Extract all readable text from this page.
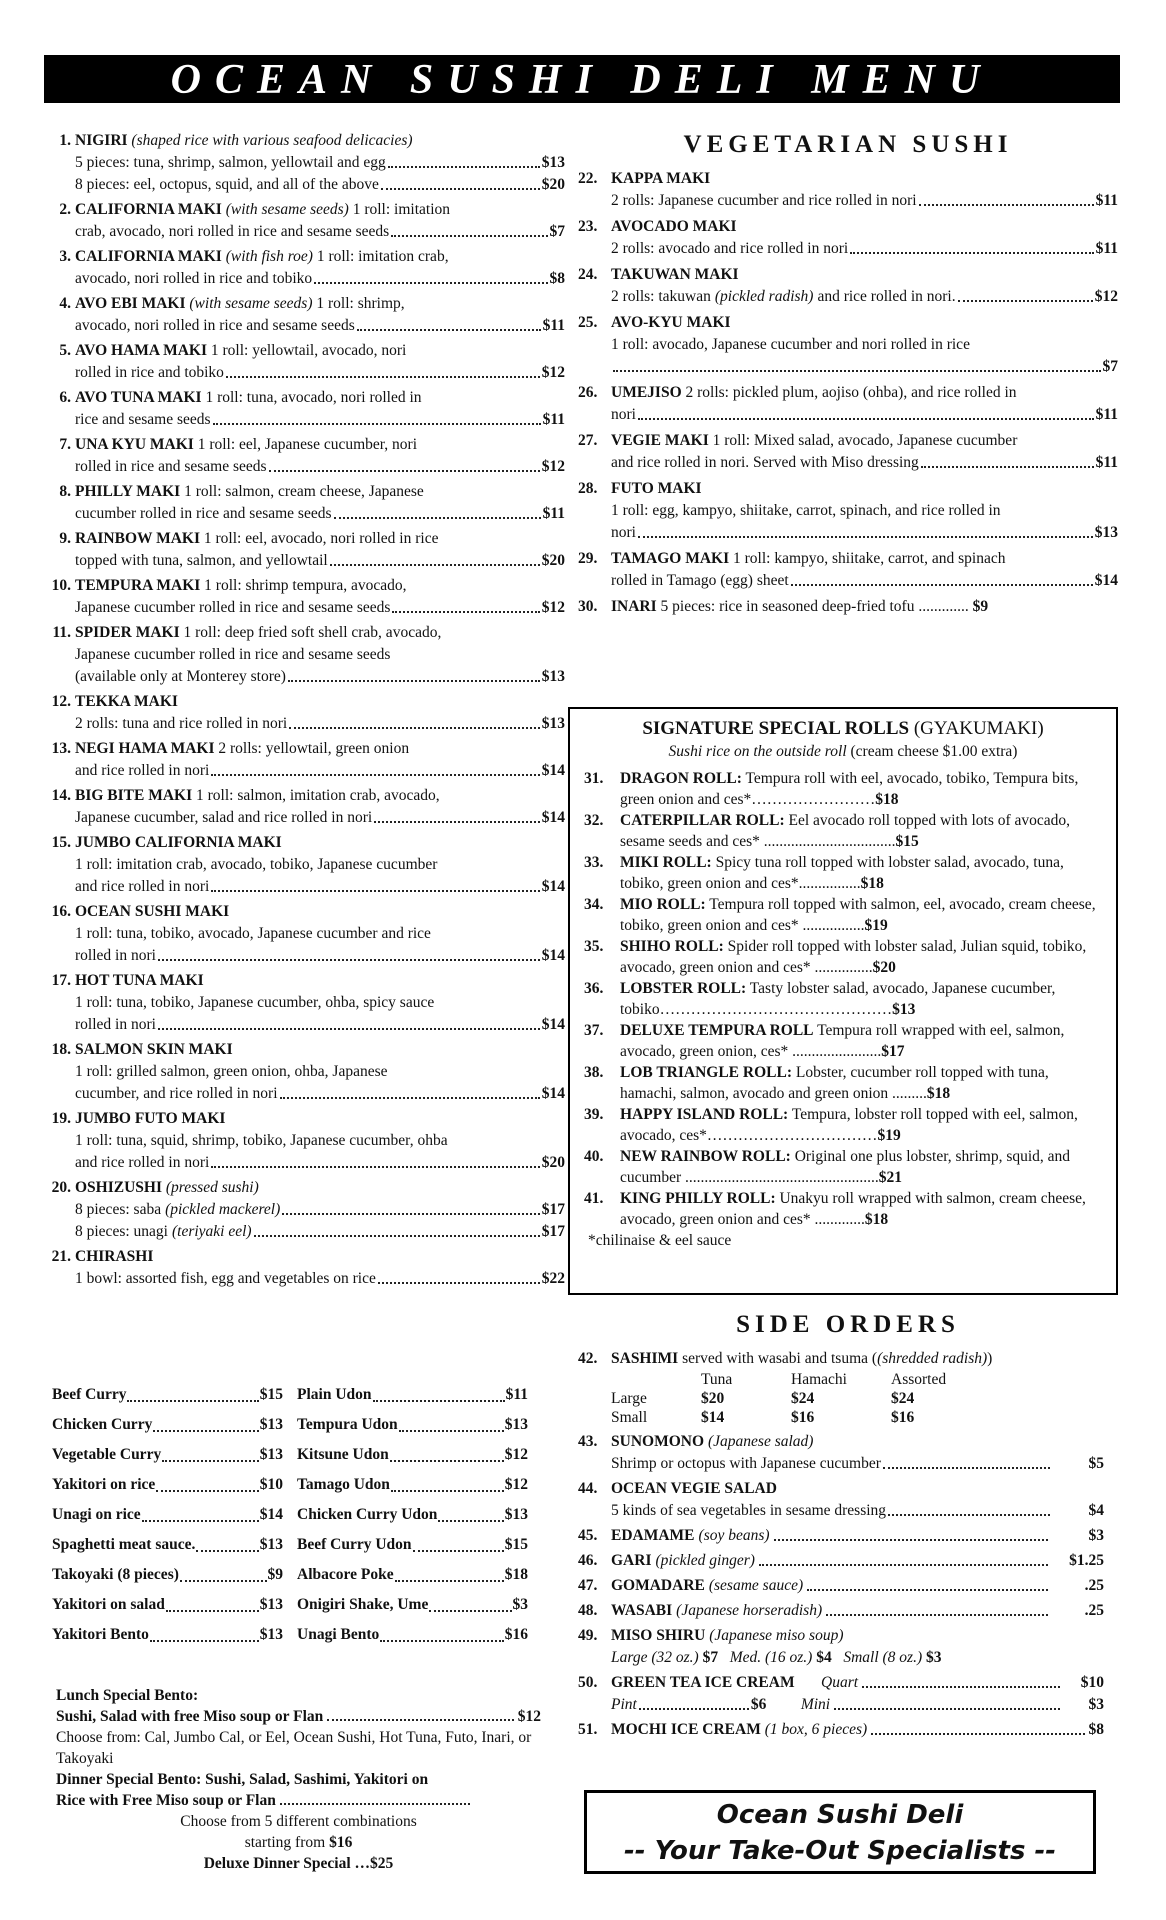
OCEAN SUSHI DELI MENU
1. NIGIRI (shaped rice with various seafood delicacies)
5 pieces: tuna, shrimp, salmon, yellowtail and egg	$13
8 pieces: eel, octopus, squid, and all of the above	$20
2. CALIFORNIA MAKI (with sesame seeds) 1 roll: imitation
crab, avocado, nori rolled in rice and sesame seeds	$7
3. CALIFORNIA MAKI (with fish roe) 1 roll: imitation crab,
avocado, nori rolled in rice and tobiko	$8
4. AVO EBI MAKI (with sesame seeds) 1 roll: shrimp,
avocado, nori rolled in rice and sesame seeds	$11
5. AVO HAMA MAKI 1 roll: yellowtail, avocado, nori
rolled in rice and tobiko	$12
6. AVO TUNA MAKI 1 roll: tuna, avocado, nori rolled in
rice and sesame seeds	$11
7. UNA KYU MAKI 1 roll: eel, Japanese cucumber, nori
rolled in rice and sesame seeds	$12
8. PHILLY MAKI 1 roll: salmon, cream cheese, Japanese
cucumber rolled in rice and sesame seeds	$11
9. RAINBOW MAKI 1 roll: eel, avocado, nori rolled in rice
topped with tuna, salmon, and yellowtail	$20
10. TEMPURA MAKI 1 roll: shrimp tempura, avocado,
Japanese cucumber rolled in rice and sesame seeds	$12
11. SPIDER MAKI 1 roll: deep fried soft shell crab, avocado,
Japanese cucumber rolled in rice and sesame seeds
(available only at Monterey store)	$13
12. TEKKA MAKI
2 rolls: tuna and rice rolled in nori	$13
13. NEGI HAMA MAKI 2 rolls: yellowtail, green onion
and rice rolled in nori	$14
14. BIG BITE MAKI 1 roll: salmon, imitation crab, avocado,
Japanese cucumber, salad and rice rolled in nori	$14
15. JUMBO CALIFORNIA MAKI
1 roll: imitation crab, avocado, tobiko, Japanese cucumber
and rice rolled in nori	$14
16. OCEAN SUSHI MAKI
1 roll: tuna, tobiko, avocado, Japanese cucumber and rice
rolled in nori	$14
17. HOT TUNA MAKI
1 roll: tuna, tobiko, Japanese cucumber, ohba, spicy sauce
rolled in nori	$14
18. SALMON SKIN MAKI
1 roll: grilled salmon, green onion, ohba, Japanese
cucumber, and rice rolled in nori	$14
19. JUMBO FUTO MAKI
1 roll: tuna, squid, shrimp, tobiko, Japanese cucumber, ohba
and rice rolled in nori	$20
20. OSHIZUSHI (pressed sushi)
8 pieces: saba (pickled mackerel)	$17
8 pieces: unagi (teriyaki eel)	$17
21. CHIRASHI
1 bowl: assorted fish, egg and vegetables on rice	$22
Beef Curry $15	Plain Udon $11

Chicken Curry $13	Tempura Udon $13

Vegetable Curry $13	Kitsune Udon $12

Yakitori on rice $10	Tamago Udon $12

Unagi on rice $14	Chicken Curry Udon $13

Spaghetti meat sauce. $13	Beef Curry Udon $15

Takoyaki (8 pieces) $9	Albacore Poke $18

Yakitori on salad $13	Onigiri Shake, Ume $3

Yakitori Bento $13	Unagi Bento $16
Lunch Special Bento:
Sushi, Salad with free Miso soup or Flan	$12
Choose from: Cal, Jumbo Cal, or Eel, Ocean Sushi, Hot Tuna, Futo, Inari, or Takoyaki
Dinner Special Bento: Sushi, Salad, Sashimi, Yakitori on
Rice with Free Miso soup or Flan
Choose from 5 different combinations
starting from $16
Deluxe Dinner Special …$25
VEGETARIAN SUSHI
22. KAPPA MAKI
2 rolls: Japanese cucumber and rice rolled in nori	$11
23. AVOCADO MAKI
2 rolls: avocado and rice rolled in nori	$11
24. TAKUWAN MAKI
2 rolls: takuwan (pickled radish) and rice rolled in nori.	$12
25. AVO-KYU MAKI
1 roll: avocado, Japanese cucumber and nori rolled in rice
$7
26. UMEJISO 2 rolls: pickled plum, aojiso (ohba), and rice rolled in
nori	$11
27. VEGIE MAKI 1 roll: Mixed salad, avocado, Japanese cucumber
and rice rolled in nori. Served with Miso dressing	$11
28. FUTO MAKI
1 roll: egg, kampyo, shiitake, carrot, spinach, and rice rolled in
nori	$13
29. TAMAGO MAKI 1 roll: kampyo, shiitake, carrot, and spinach
rolled in Tamago (egg) sheet	$14
30. INARI 5 pieces: rice in seasoned deep-fried tofu ............. $9
SIGNATURE SPECIAL ROLLS (GYAKUMAKI)
Sushi rice on the outside roll (cream cheese $1.00 extra)
31.	DRAGON ROLL: Tempura roll with eel, avocado, tobiko, Tempura bits, green onion and ces*……………………$18
32.	CATERPILLAR ROLL: Eel avocado roll topped with lots of avocado, sesame seeds and ces* ..................................$15
33.	MIKI ROLL: Spicy tuna roll topped with lobster salad, avocado, tuna, tobiko, green onion and ces*................$18
34.	MIO ROLL: Tempura roll topped with salmon, eel, avocado, cream cheese, tobiko, green onion and ces* ................$19
35.	SHIHO ROLL: Spider roll topped with lobster salad, Julian squid, tobiko, avocado, green onion and ces* ...............$20
36.	LOBSTER ROLL: Tasty lobster salad, avocado, Japanese cucumber, tobiko………………………………………$13
37.	DELUXE TEMPURA ROLL Tempura roll wrapped with eel, salmon, avocado, green onion, ces* .......................$17
38.	LOB TRIANGLE ROLL: Lobster, cucumber roll topped with tuna, hamachi, salmon, avocado and green onion .........$18
39.	HAPPY ISLAND ROLL: Tempura, lobster roll topped with eel, salmon, avocado, ces*……………………………$19
40.	NEW RAINBOW ROLL: Original one plus lobster, shrimp, squid, and cucumber ..................................................$21
41.	KING PHILLY ROLL: Unakyu roll wrapped with salmon, cream cheese, avocado, green onion and ces* .............$18
*chilinaise & eel sauce
SIDE ORDERS
42. SASHIMI served with wasabi and tsuma ((shredded radish))
Tuna	Hamachi	Assorted
Large	$20	$24	$24
Small	$14	$16	$16
43. SUNOMONO (Japanese salad)
Shrimp or octopus with Japanese cucumber	$5
44. OCEAN VEGIE SALAD
5 kinds of sea vegetables in sesame dressing	$4
45. EDAMAME (soy beans)	$3
46. GARI (pickled ginger)	$1.25
47. GOMADARE (sesame sauce)	.25
48. WASABI (Japanese horseradish)	.25
49. MISO SHIRU (Japanese miso soup)
Large (32 oz.) $7 Med. (16 oz.) $4 Small (8 oz.) $3
50. GREEN TEA ICE CREAM	Quart	$10
Pint	$6	Mini	$3
51. MOCHI ICE CREAM
(1 box, 6 pieces)	$8
Ocean Sushi Deli
-- Your Take-Out Specialists --
